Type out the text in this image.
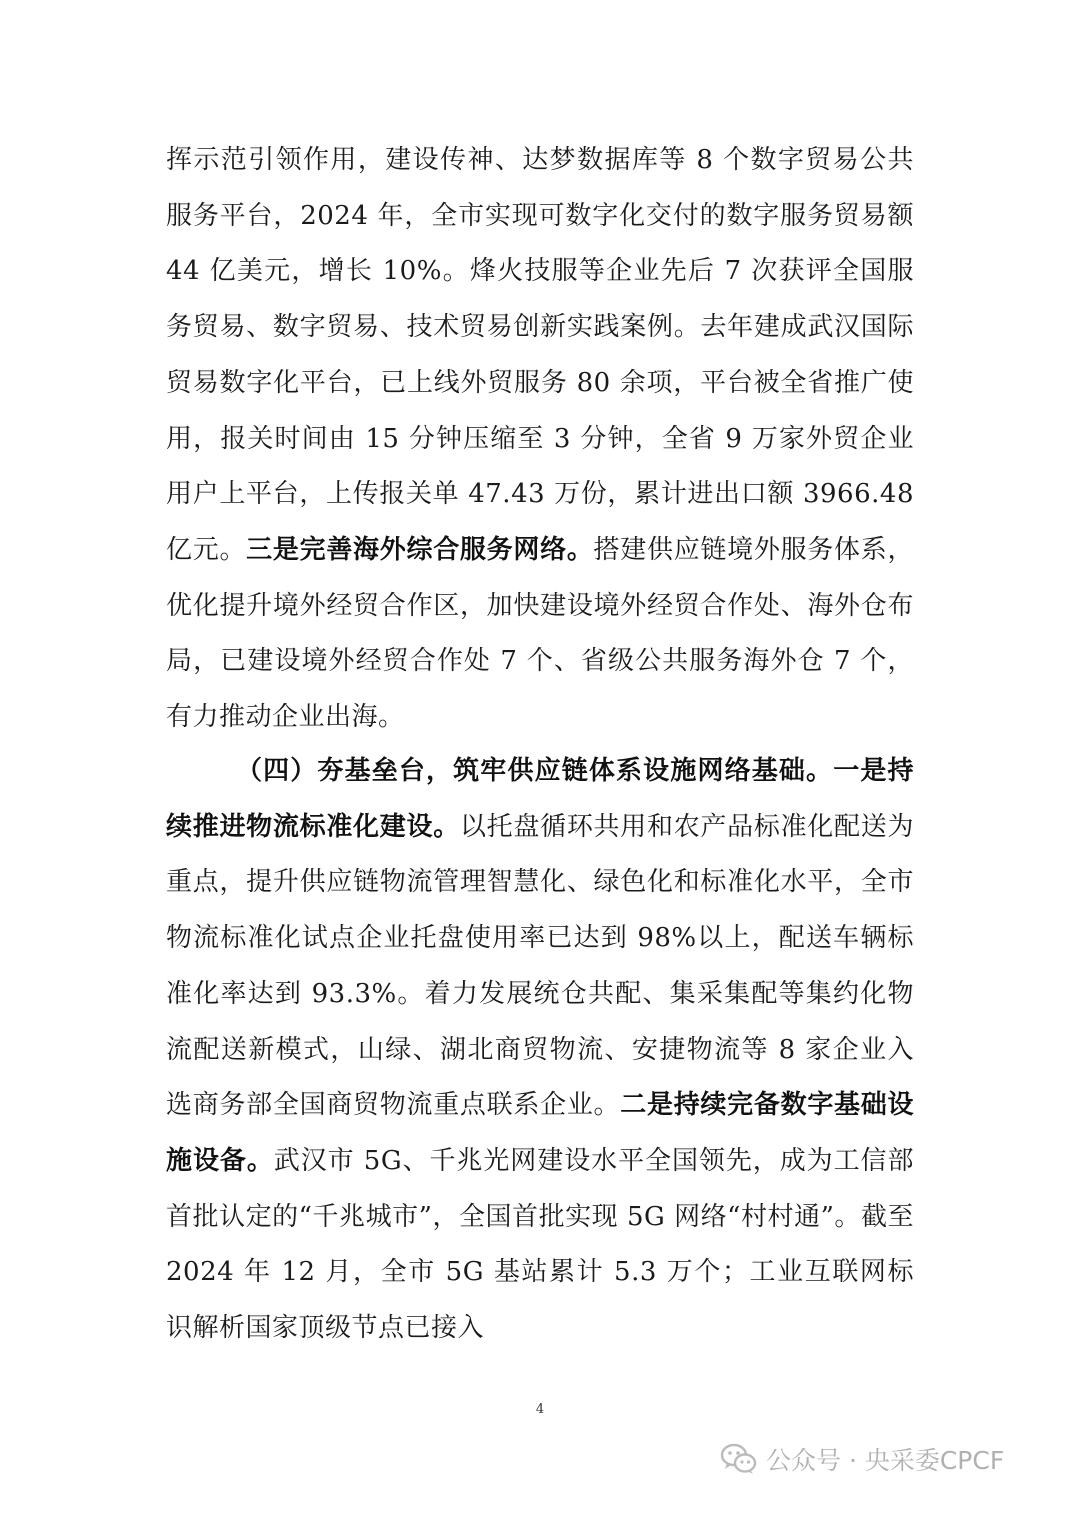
挥示范引领作用，建设传神、达梦数据库等 8 个数字贸易公共服务平台，2024 年，全市实现可数字化交付的数字服务贸易额 44 亿美元，增长 10%。烽火技服等企业先后 7 次获评全国服务贸易、数字贸易、技术贸易创新实践案例。去年建成武汉国际贸易数字化平台，已上线外贸服务 80 余项，平台被全省推广使用，报关时间由 15 分钟压缩至 3 分钟，全省 9 万家外贸企业用户上平台，上传报关单 47.43 万份，累计进出口额 3966.48 亿元。三是完善海外综合服务网络。搭建供应链境外服务体系，优化提升境外经贸合作区，加快建设境外经贸合作处、海外仓布局，已建设境外经贸合作处 7 个、省级公共服务海外仓 7 个，有力推动企业出海。

（四）夯基垒台，筑牢供应链体系设施网络基础。一是持续推进物流标准化建设。以托盘循环共用和农产品标准化配送为重点，提升供应链物流管理智慧化、绿色化和标准化水平，全市物流标准化试点企业托盘使用率已达到 98%以上，配送车辆标准化率达到 93.3%。着力发展统仓共配、集采集配等集约化物流配送新模式，山绿、湖北商贸物流、安捷物流等 8 家企业入选商务部全国商贸物流重点联系企业。二是持续完备数字基础设施设备。武汉市 5G、千兆光网建设水平全国领先，成为工信部首批认定的“千兆城市”，全国首批实现 5G 网络“村村通”。截至 2024 年 12 月，全市 5G 基站累计 5.3 万个；工业互联网标识解析国家顶级节点已接入

4
公众号 · 央采委CPCF
